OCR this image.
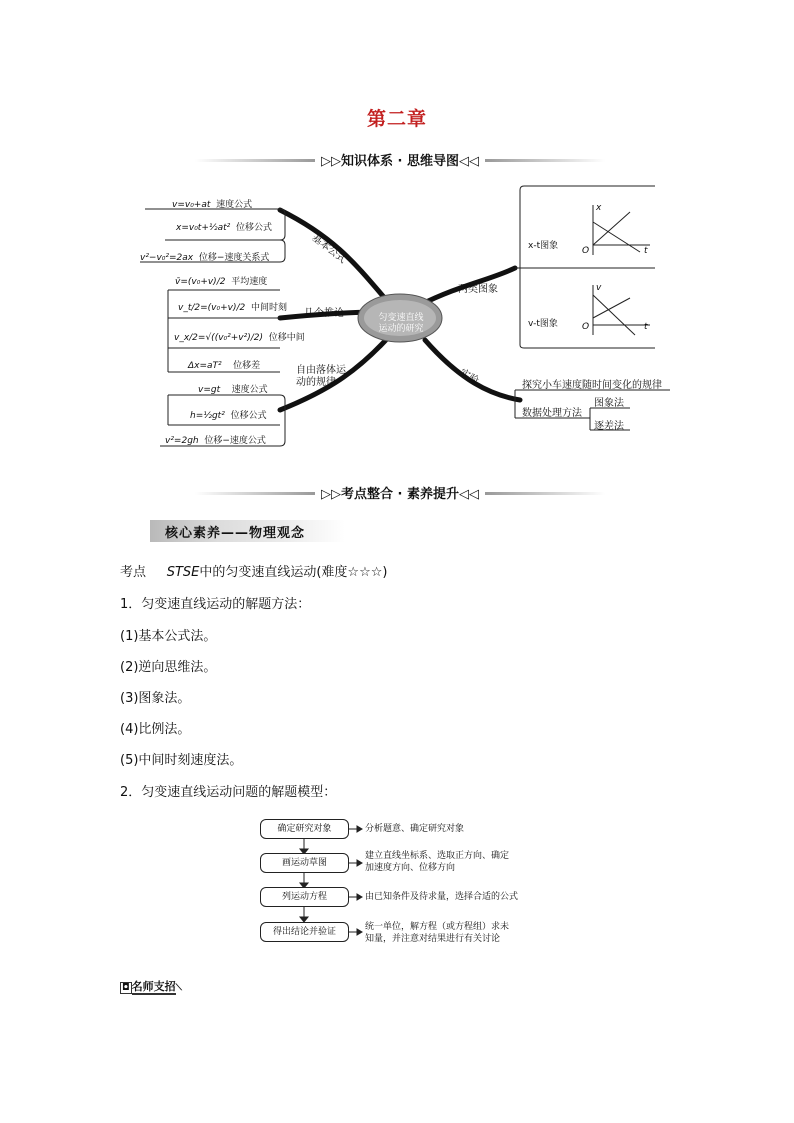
第二章
▷▷知识体系 · 思维导图◁◁
匀变速直线
运动的研究
基本公式
几个推论
自由落体运
动的规律
两类图象
实验
v=v₀+at 速度公式
x=v₀t+½at² 位移公式
v²−v₀²=2ax 位移−速度关系式
v̄=(v₀+v)/2 平均速度
v_t/2=(v₀+v)/2 中间时刻
v_x/2=√((v₀²+v²)/2) 位移中间
Δx=aT² 位移差
v=gt 速度公式
h=½gt² 位移公式
v²=2gh 位移−速度公式
x-t图象
v-t图象
x
t
O
v
t
O
探究小车速度随时间变化的规律
数据处理方法
图象法
逐差法
▷▷考点整合 · 素养提升◁◁
核心素养——物理观念
考点 STSE中的匀变速直线运动(难度☆☆☆)
1．匀变速直线运动的解题方法：
(1)基本公式法。
(2)逆向思维法。
(3)图象法。
(4)比例法。
(5)中间时刻速度法。
2．匀变速直线运动问题的解题模型：
确定研究对象
画运动草图
列运动方程
得出结论并验证
分析题意、确定研究对象
建立直线坐标系、选取正方向、确定
加速度方向、位移方向
由已知条件及待求量，选择合适的公式
统一单位，解方程（或方程组）求未
知量，并注意对结果进行有关讨论
◘ 名师支招⟍
